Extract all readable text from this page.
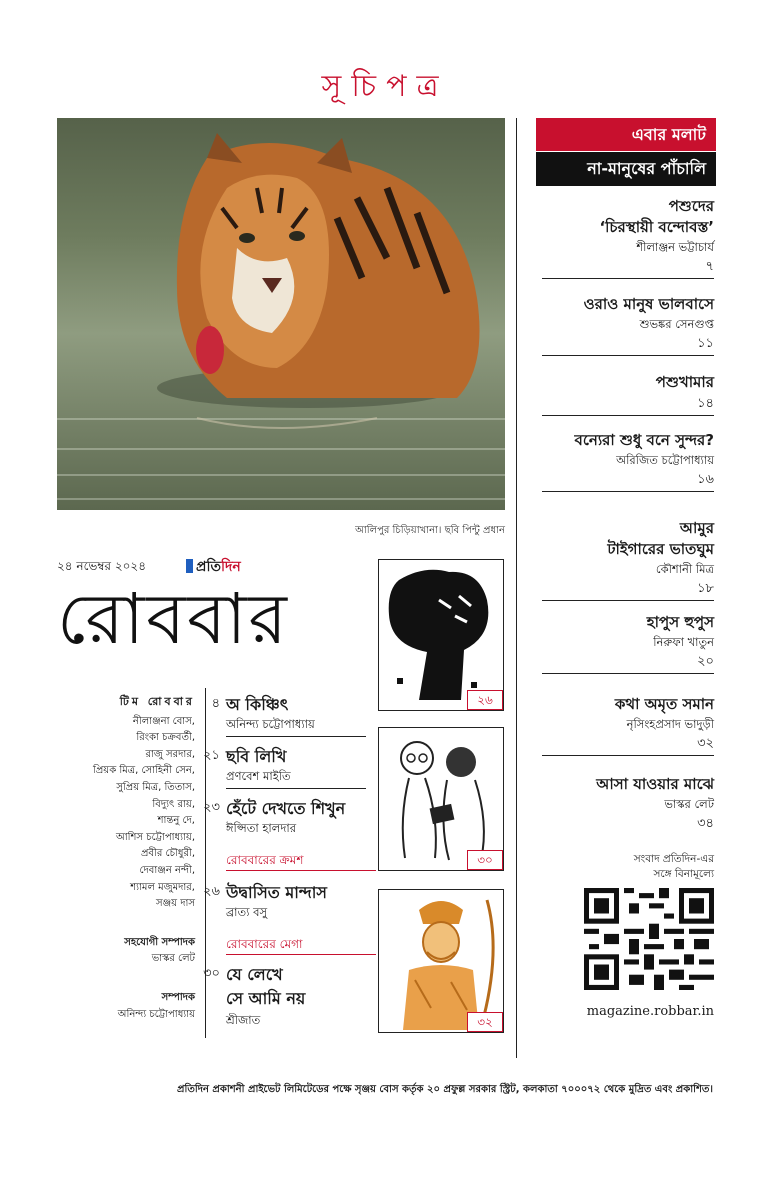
সূচিপত্র
আলিপুর চিড়িয়াখানা। ছবি পিন্টু প্রধান
২৪ নভেম্বর ২০২৪	প্রতিদিন
রোববার
টিম রোববার
নীলাঞ্জনা বোস,
রিংকা চক্রবর্তী,
রাজু সরদার,
প্রিয়ক মিত্র, সোহিনী সেন,
সুপ্রিয় মিত্র, তিতাস,
বিদ্যুৎ রায়,
শান্তনু দে,
আশিস চট্টোপাধ্যায়,
প্রবীর চৌধুরী,
দেবাঞ্জন নন্দী,
শ্যামল মজুমদার,
সঞ্জয় দাস
সহযোগী সম্পাদক
ভাস্কর লেট
সম্পাদক
অনিন্দ্য চট্টোপাধ্যায়
৪ অ কিঞ্চিৎ
অনিন্দ্য চট্টোপাধ্যায়
২১ ছবি লিখি
প্রণবেশ মাইতি
২৩ হেঁটে দেখতে শিখুন
ঈপ্সিতা হালদার
রোববারের ক্রমশ
২৬ উদ্বাসিত মান্দাস
ব্রাত্য বসু
রোববারের মেগা
৩০ যে লেখে
সে আমি নয়
শ্রীজাত
২৬
৩০
৩২
এবার মলাট
না-মানুষের পাঁচালি
পশুদের
‘চিরস্থায়ী বন্দোবস্ত’
শীলাঞ্জন ভট্টাচার্য
৭
ওরাও মানুষ ভালবাসে
শুভঙ্কর সেনগুপ্ত
১১
পশুখামার
১৪
বন্যেরা শুধু বনে সুন্দর?
অরিজিত চট্টোপাধ্যায়
১৬
আমুর
টাইগারের ভাতঘুম
কৌশানী মিত্র
১৮
হাপুস হুপুস
নিরুফা খাতুন
২০
কথা অমৃত সমান
নৃসিংহপ্রসাদ ভাদুড়ী
৩২
আসা যাওয়ার মাঝে
ভাস্কর লেট
৩৪
সংবাদ প্রতিদিন-এর
সঙ্গে বিনামূল্যে
magazine.robbar.in
প্রতিদিন প্রকাশনী প্রাইভেট লিমিটেডের পক্ষে সৃঞ্জয় বোস কর্তৃক ২০ প্রফুল্ল সরকার স্ট্রিট, কলকাতা ৭০০০৭২ থেকে মুদ্রিত এবং প্রকাশিত।
